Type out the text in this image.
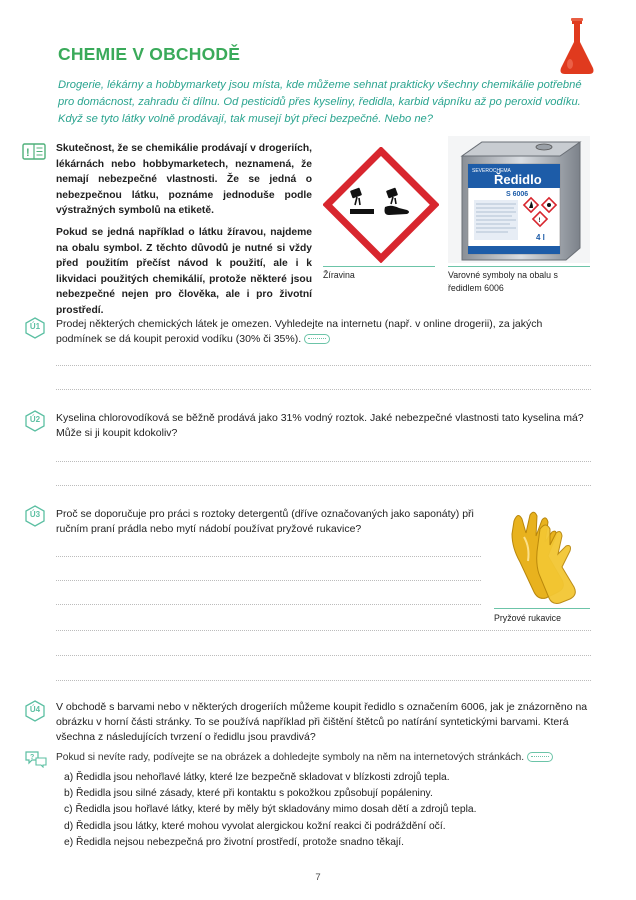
CHEMIE V OBCHODĚ
Drogerie, lékárny a hobbymarkety jsou místa, kde můžeme sehnat prakticky všechny chemikálie potřebné pro domácnost, zahradu či dílnu. Od pesticidů přes kyseliny, ředidla, karbid vápníku až po peroxid vodíku. Když se tyto látky volně prodávají, tak musejí být přeci bezpečné. Nebo ne?
!	Skutečnost, že se chemikálie prodávají v drogeriích, lékárnách nebo hobbymarketech, neznamená, že nemají nebezpečné vlastnosti. Že se jedná o nebezpečnou látku, poznáme jednoduše podle výstražných symbolů na etiketě.

Pokud se jedná například o látku žíravou, najdeme na obalu symbol. Z těchto důvodů je nutné si vždy před použitím přečíst návod k použití, ale i k likvidaci použitých chemikálií, protože některé jsou nebezpečné nejen pro člověka, ale i pro životní prostředí.

Žíravina
SEVEROCHEMA
Ředidlo
S 6006
!
4 l
Varovné symboly na obalu s ředidlem 6006
Ú1	Prodej některých chemických látek je omezen. Vyhledejte na internetu (např. v online drogerii), za jakých podmínek se dá koupit peroxid vodíku (30% či 35%).
Ú2	Kyselina chlorovodíková se běžně prodává jako 31% vodný roztok. Jaké nebezpečné vlastnosti tato kyselina má? Může si ji koupit kdokoliv?
Ú3	Proč se doporučuje pro práci s roztoky detergentů (dříve označovaných jako saponáty) při ručním praní prádla nebo mytí nádobí používat pryžové rukavice?
Pryžové rukavice
Ú4	V obchodě s barvami nebo v některých drogeriích můžeme koupit ředidlo s označením 6006, jak je znázorněno na obrázku v horní části stránky. To se používá například při čištění štětců po natírání syntetickými barvami. Která všechna z následujících tvrzení o ředidlu jsou pravdivá?
? Pokud si nevíte rady, podívejte se na obrázek a dohledejte symboly na něm na internetových stránkách.
a) Ředidla jsou nehořlavé látky, které lze bezpečně skladovat v blízkosti zdrojů tepla.
b) Ředidla jsou silné zásady, které při kontaktu s pokožkou způsobují popáleniny.
c) Ředidla jsou hořlavé látky, které by měly být skladovány mimo dosah dětí a zdrojů tepla.
d) Ředidla jsou látky, které mohou vyvolat alergickou kožní reakci či podráždění očí.
e) Ředidla nejsou nebezpečná pro životní prostředí, protože snadno těkají.
7
